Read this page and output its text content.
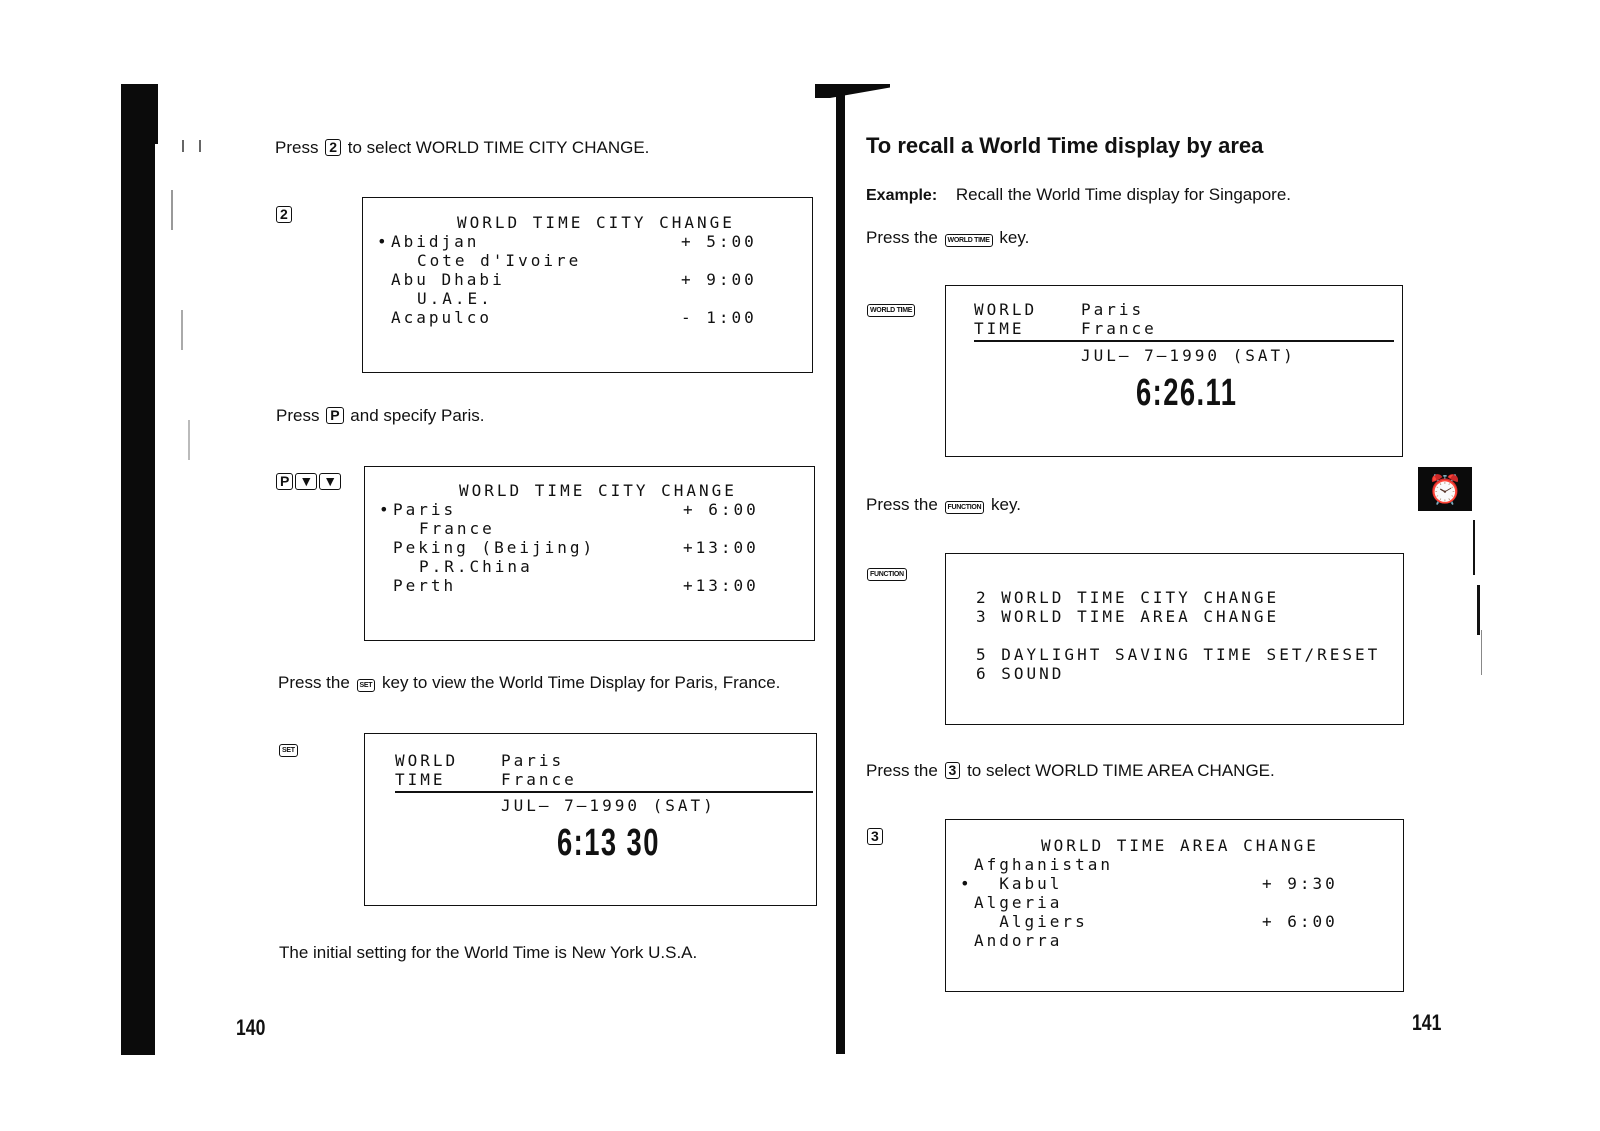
Press 2 to select WORLD TIME CITY CHANGE.
2	WORLD TIME CITY CHANGE
• Abidjan	+ 5:00
Cote d'Ivoire
Abu Dhabi	+ 9:00
U.A.E.
Acapulco	- 1:00
Press P and specify Paris.
P ▼ ▼	WORLD TIME CITY CHANGE
• Paris	+ 6:00
France
Peking (Beijing)	+13:00
P.R.China
Perth	+13:00
Press the SET key to view the World Time Display for Paris, France.
SET
WORLD
TIME
Paris
France
JUL– 7–1990 (SAT)
6:13 30
The initial setting for the World Time is New York U.S.A.
140
To recall a World Time display by area
Example: Recall the World Time display for Singapore.
Press the WORLD TIME key.
WORLD TIME	WORLD
TIME
Paris
France
JUL– 7–1990 (SAT)
6:26.11
Press the FUNCTION key.
FUNCTION
2 WORLD TIME CITY CHANGE
3 WORLD TIME AREA CHANGE
5 DAYLIGHT SAVING TIME SET/RESET
6 SOUND
⏰
Press the 3 to select WORLD TIME AREA CHANGE.
3	WORLD TIME AREA CHANGE
Afghanistan
• Kabul	+ 9:30
Algeria
Algiers	+ 6:00
Andorra
141
